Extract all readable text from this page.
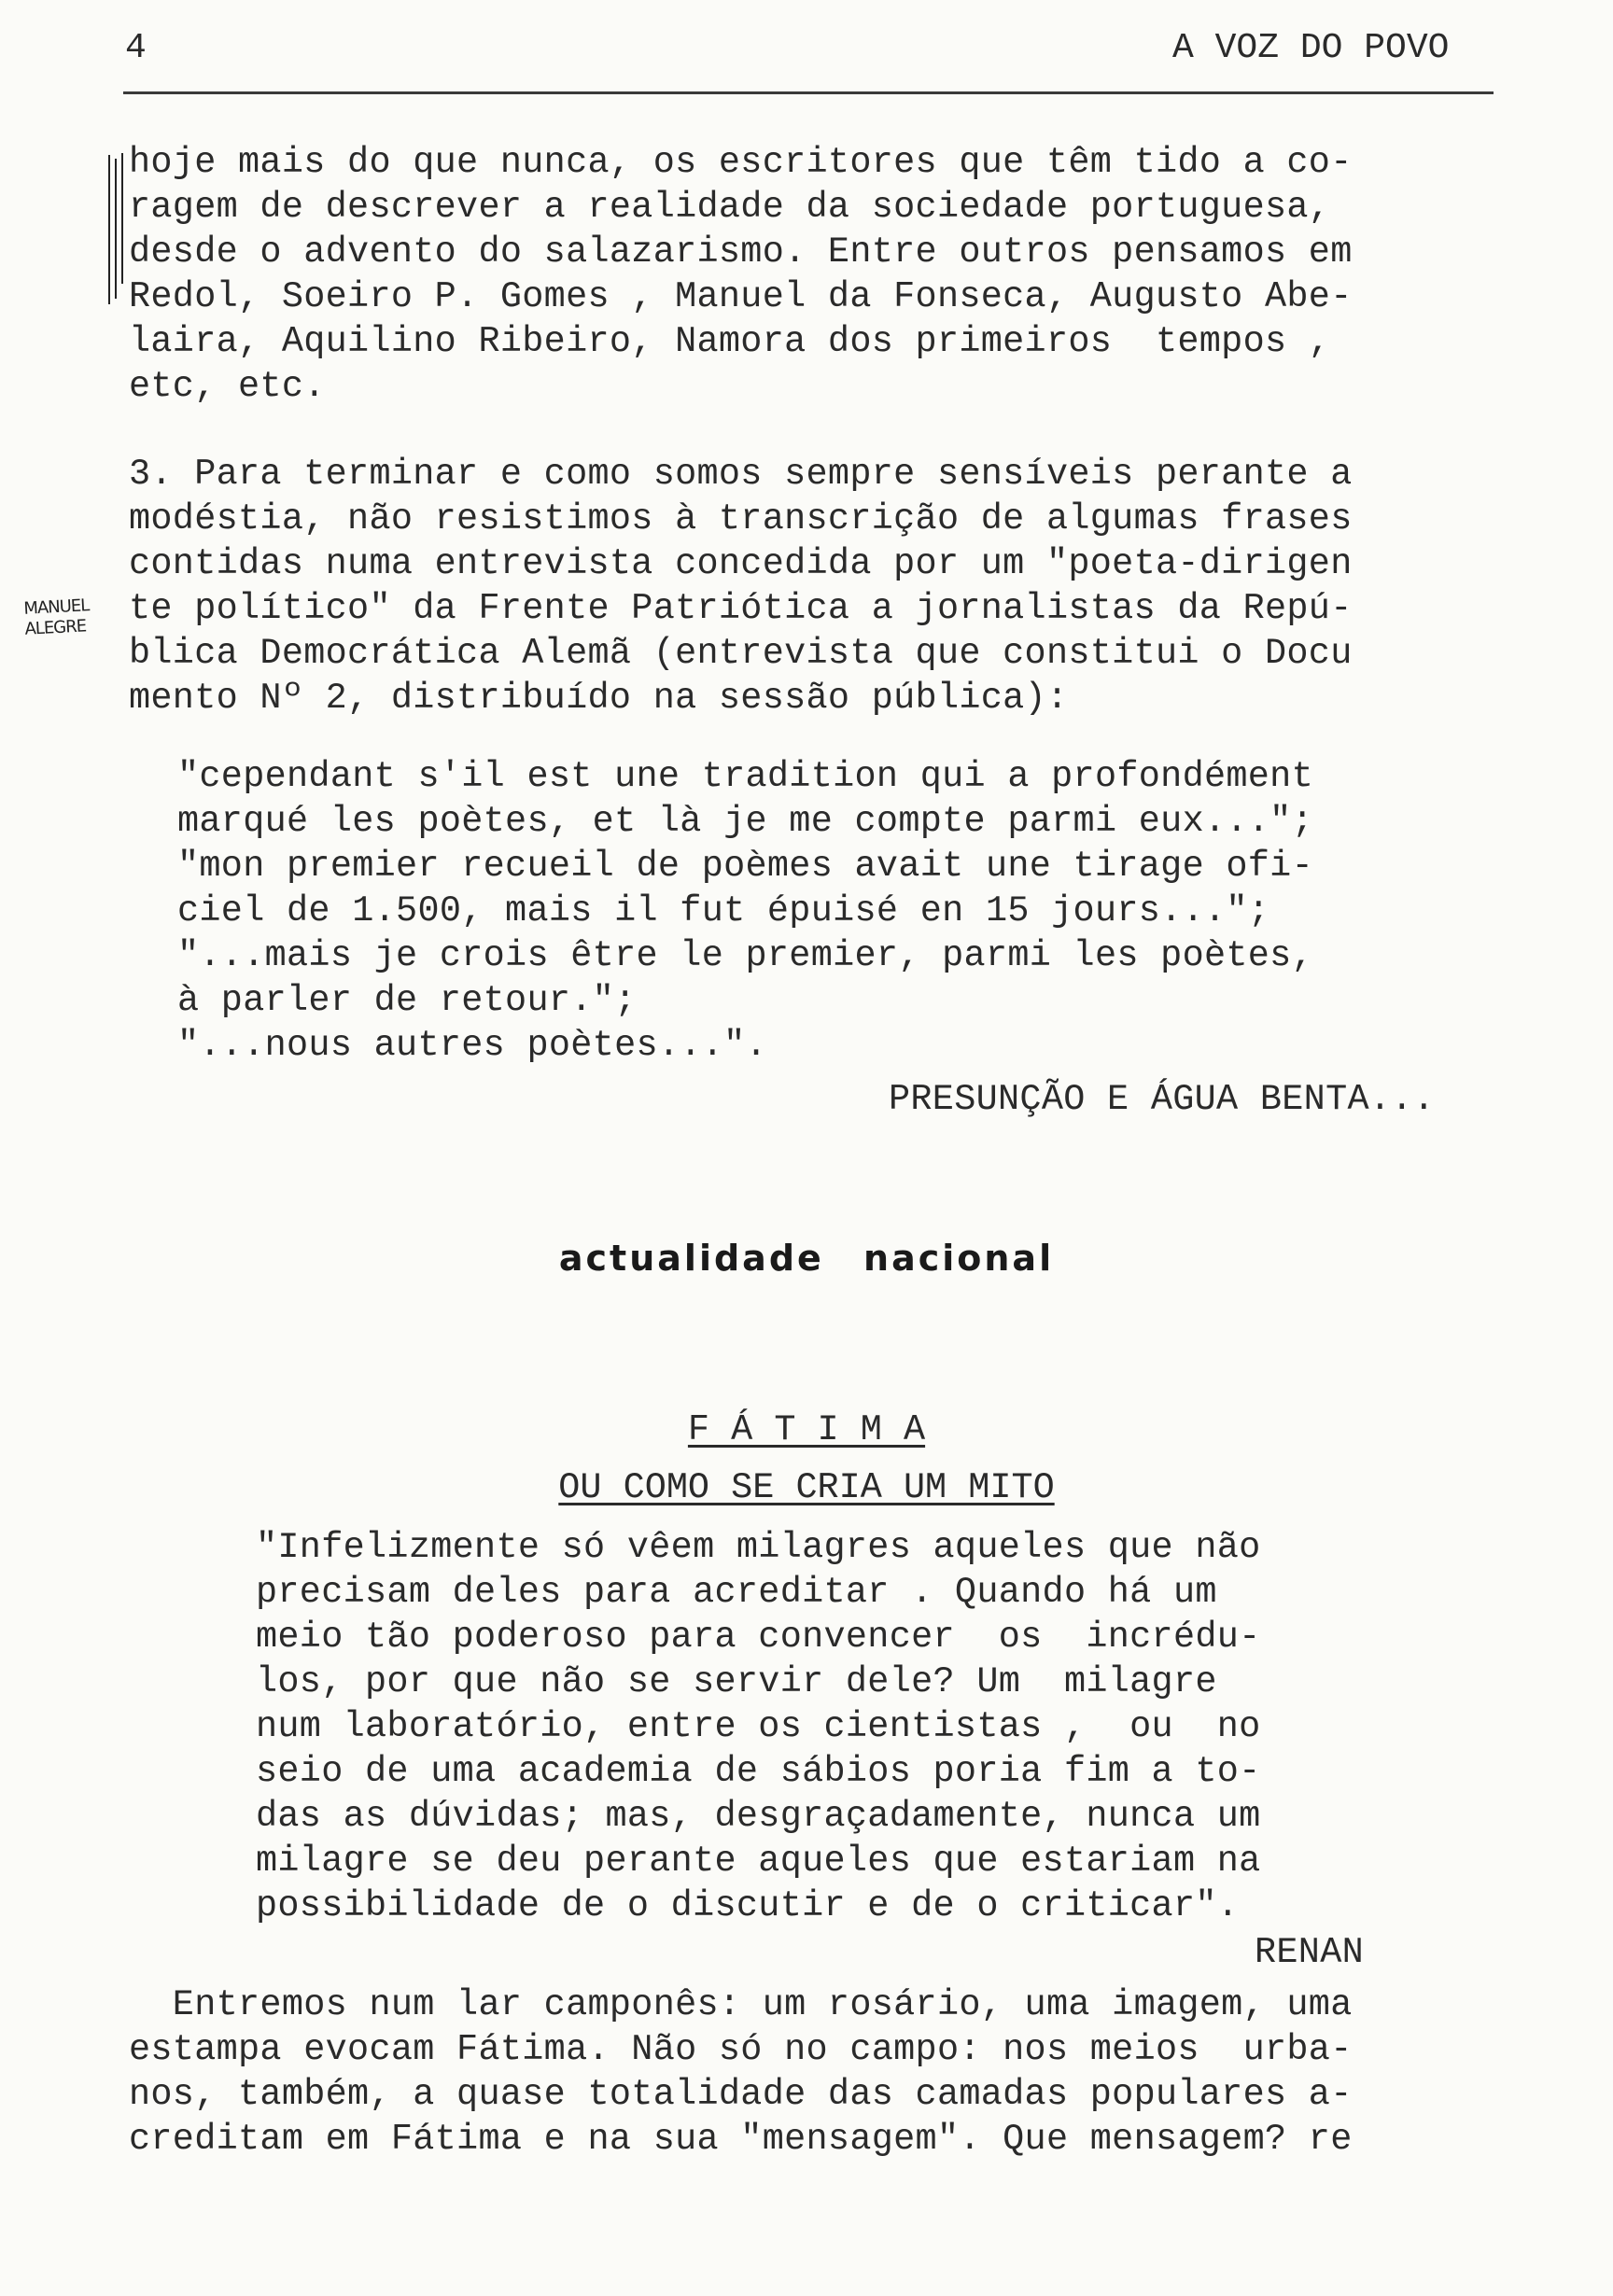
4	A VOZ DO POVO
MANUEL
ALEGRE
hoje mais do que nunca, os escritores que têm tido a co-
ragem de descrever a realidade da sociedade portuguesa,
desde o advento do salazarismo. Entre outros pensamos em
Redol, Soeiro P. Gomes , Manuel da Fonseca, Augusto Abe-
laira, Aquilino Ribeiro, Namora dos primeiros  tempos ,
etc, etc.
3. Para terminar e como somos sempre sensíveis perante a
modéstia, não resistimos à transcrição de algumas frases
contidas numa entrevista concedida por um "poeta-dirigen
te político" da Frente Patriótica a jornalistas da Repú-
blica Democrática Alemã (entrevista que constitui o Docu
mento Nº 2, distribuído na sessão pública):
"cependant s'il est une tradition qui a profondément
marqué les poètes, et là je me compte parmi eux...";
"mon premier recueil de poèmes avait une tirage ofi-
ciel de 1.500, mais il fut épuisé en 15 jours...";
"...mais je crois être le premier, parmi les poètes,
à parler de retour.";
"...nous autres poètes...".
PRESUNÇÃO E ÁGUA BENTA...
actualidade nacional
F Á T I M A
OU COMO SE CRIA UM MITO
"Infelizmente só vêem milagres aqueles que não
precisam deles para acreditar . Quando há um
meio tão poderoso para convencer  os  incrédu-
los, por que não se servir dele? Um  milagre
num laboratório, entre os cientistas ,  ou  no
seio de uma academia de sábios poria fim a to-
das as dúvidas; mas, desgraçadamente, nunca um
milagre se deu perante aqueles que estariam na
possibilidade de o discutir e de o criticar".
RENAN
Entremos num lar camponês: um rosário, uma imagem, uma
estampa evocam Fátima. Não só no campo: nos meios  urba-
nos, também, a quase totalidade das camadas populares a-
creditam em Fátima e na sua "mensagem". Que mensagem? re
